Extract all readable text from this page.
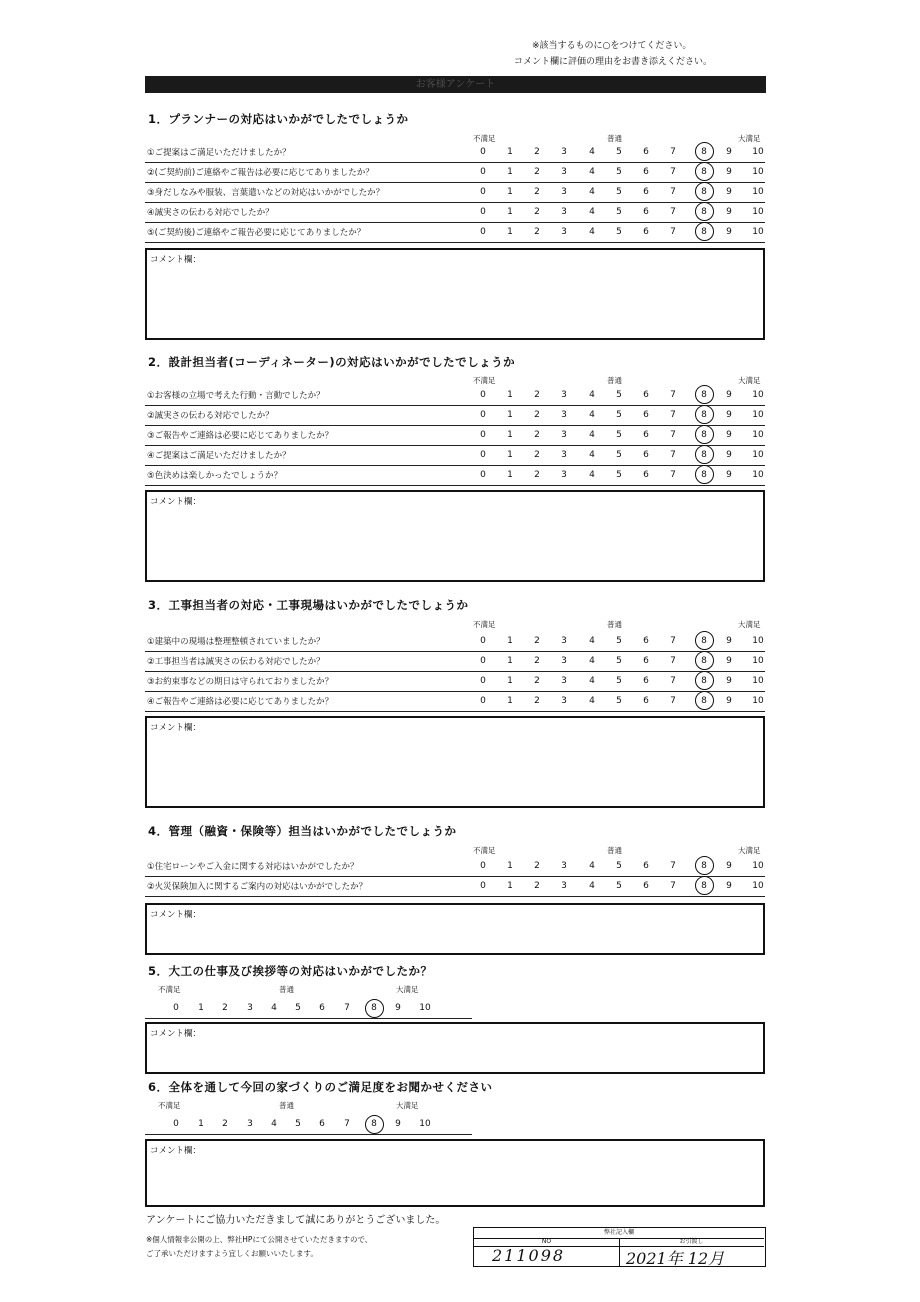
※該当するものに○をつけてください。
コメント欄に評価の理由をお書き添えください。
お客様アンケート
1．プランナーの対応はいかがでしたでしょうか
不満足	普通	大満足
①ご提案はご満足いただけましたか？	0	1	2	3	4	5	6	7	8	9	10
②(ご契約前)ご連絡やご報告は必要に応じてありましたか？	0	1	2	3	4	5	6	7	8	9	10
③身だしなみや服装、言葉遣いなどの対応はいかがでしたか？	0	1	2	3	4	5	6	7	8	9	10
④誠実さの伝わる対応でしたか？	0	1	2	3	4	5	6	7	8	9	10
⑤(ご契約後)ご連絡やご報告必要に応じてありましたか？	0	1	2	3	4	5	6	7	8	9	10
コメント欄：
2．設計担当者(コーディネーター)の対応はいかがでしたでしょうか
不満足	普通	大満足
①お客様の立場で考えた行動・言動でしたか？	0	1	2	3	4	5	6	7	8	9	10
②誠実さの伝わる対応でしたか？	0	1	2	3	4	5	6	7	8	9	10
③ご報告やご連絡は必要に応じてありましたか？	0	1	2	3	4	5	6	7	8	9	10
④ご提案はご満足いただけましたか？	0	1	2	3	4	5	6	7	8	9	10
⑤色決めは楽しかったでしょうか？	0	1	2	3	4	5	6	7	8	9	10
コメント欄：
3．工事担当者の対応・工事現場はいかがでしたでしょうか
不満足	普通	大満足
①建築中の現場は整理整頓されていましたか？	0	1	2	3	4	5	6	7	8	9	10
②工事担当者は誠実さの伝わる対応でしたか？	0	1	2	3	4	5	6	7	8	9	10
③お約束事などの期日は守られておりましたか？	0	1	2	3	4	5	6	7	8	9	10
④ご報告やご連絡は必要に応じてありましたか？	0	1	2	3	4	5	6	7	8	9	10
コメント欄：
4．管理（融資・保険等）担当はいかがでしたでしょうか
不満足	普通	大満足
①住宅ローンやご入金に関する対応はいかがでしたか？	0	1	2	3	4	5	6	7	8	9	10
②火災保険加入に関するご案内の対応はいかがでしたか？	0	1	2	3	4	5	6	7	8	9	10
コメント欄：
5．大工の仕事及び挨拶等の対応はいかがでしたか？
不満足	普通	大満足
0	1	2	3	4	5	6	7	8	9	10
コメント欄：
6．全体を通して今回の家づくりのご満足度をお聞かせください
不満足	普通	大満足
0	1	2	3	4	5	6	7	8	9	10
コメント欄：
アンケートにご協力いただきまして誠にありがとうございました。
※個人情報非公開の上、弊社HPにて公開させていただきますので、
ご了承いただけますよう宜しくお願いいたします。
弊社記入欄
NO	お引渡し
211098	2021年 12月
